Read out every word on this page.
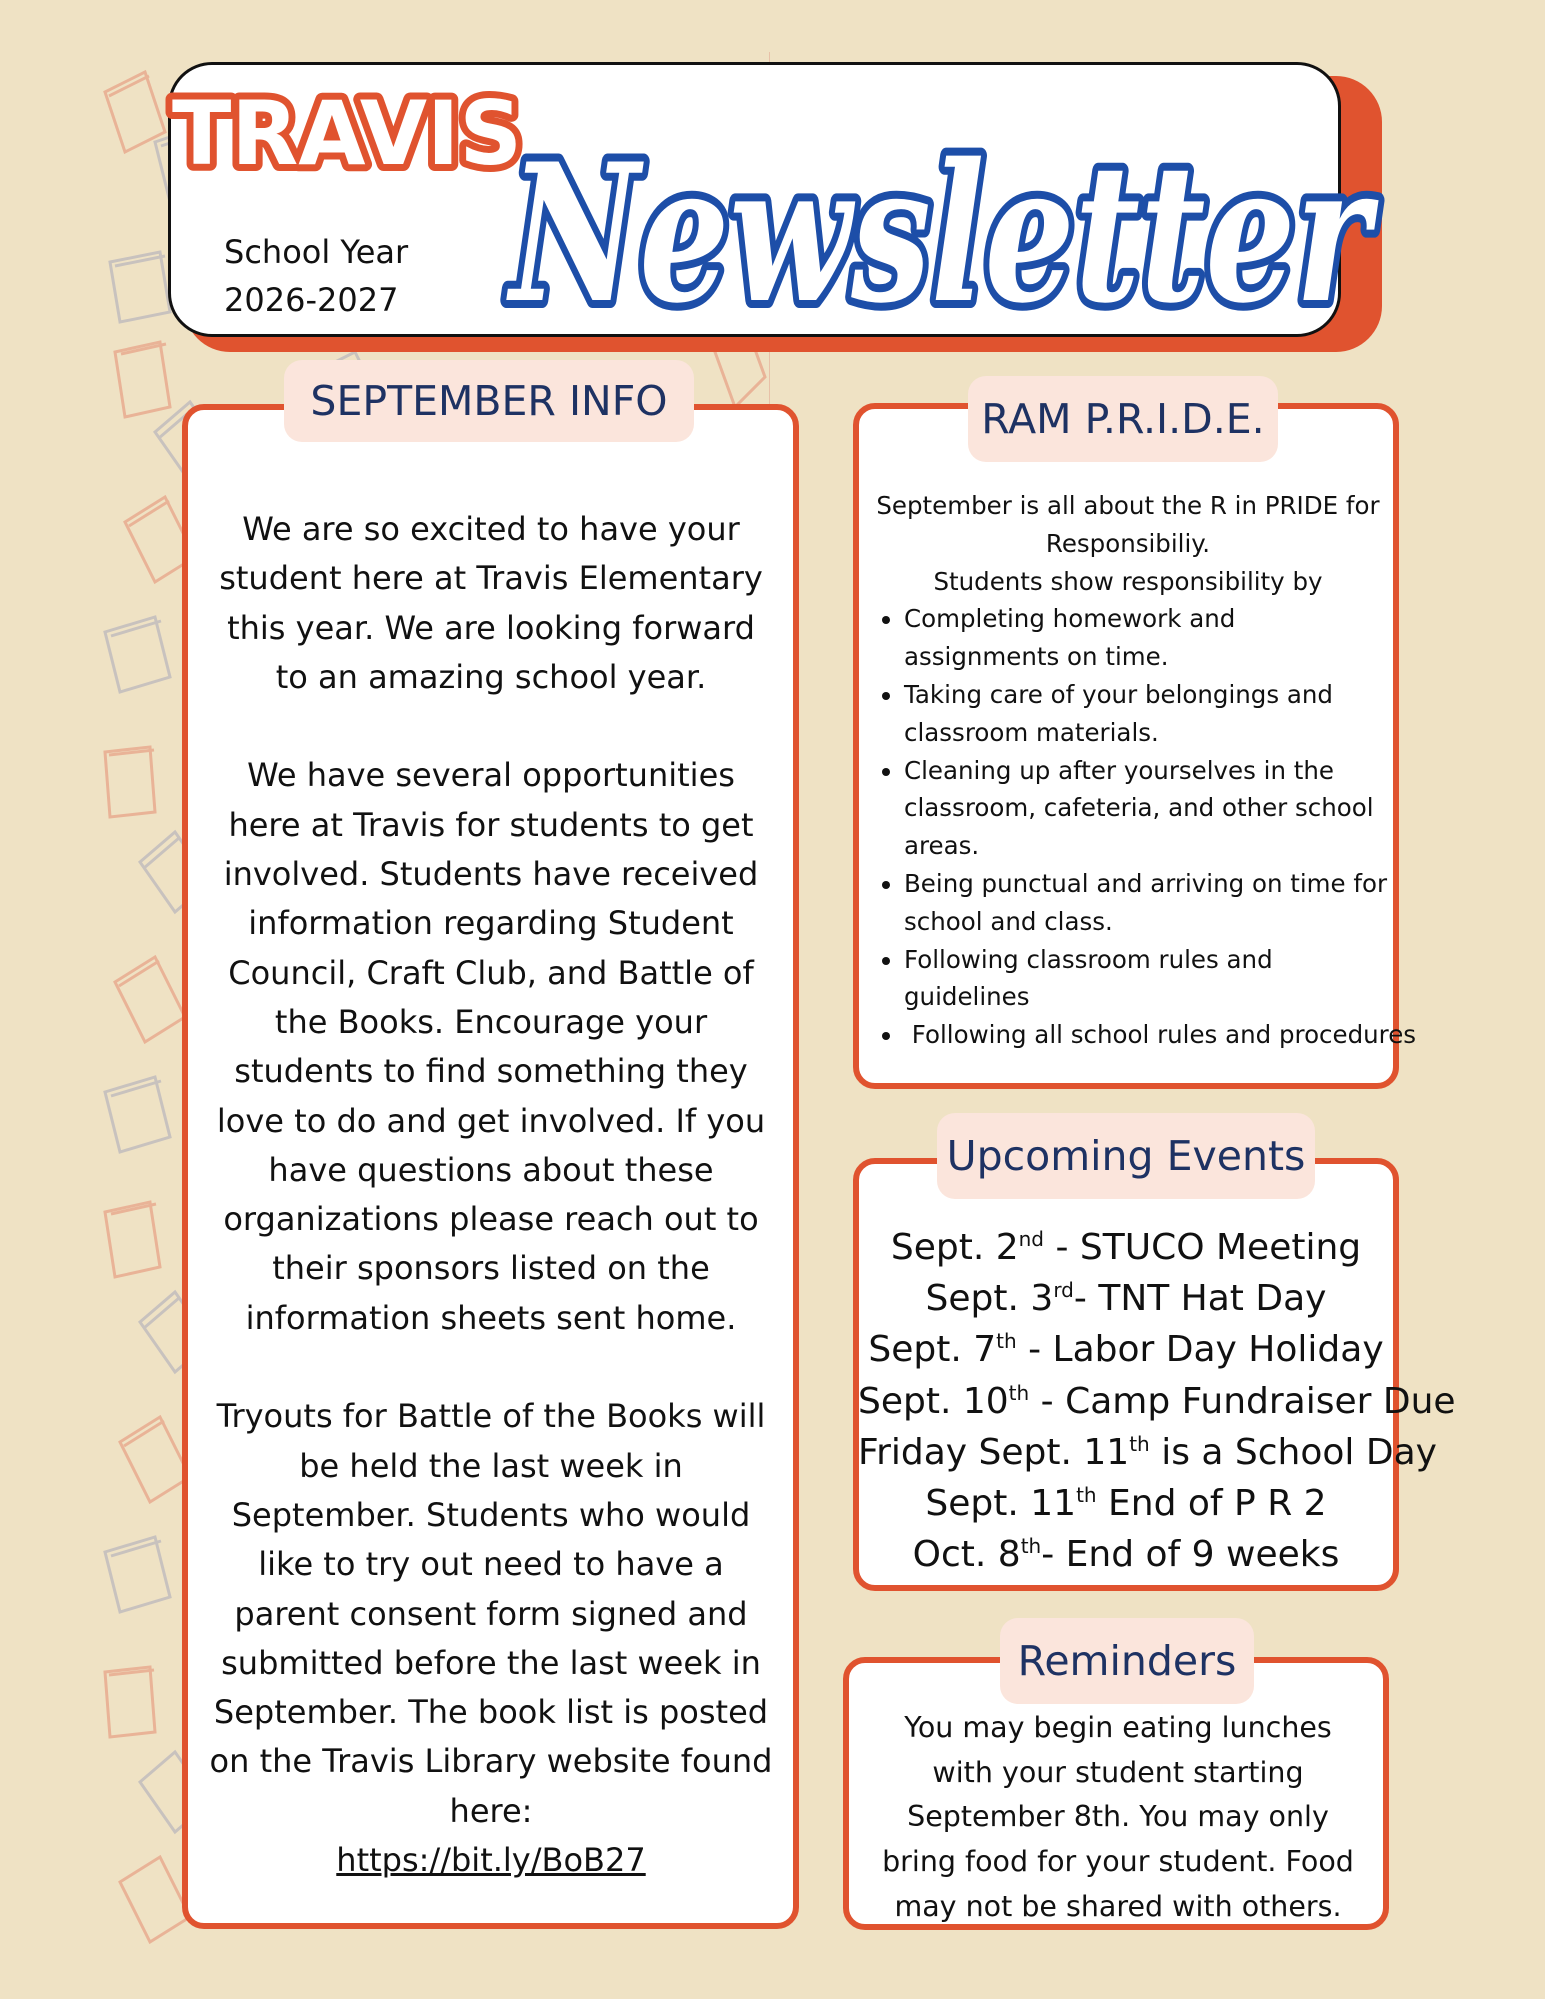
TRAVIS
Newsletter
School Year
2026-2027
SEPTEMBER INFO

We are so excited to have your student here at Travis Elementary this year. We are looking forward to an amazing school year.

We have several opportunities here at Travis for students to get involved. Students have received information regarding Student Council, Craft Club, and Battle of the Books. Encourage your students to find something they love to do and get involved. If you have questions about these organizations please reach out to their sponsors listed on the information sheets sent home.

Tryouts for Battle of the Books will be held the last week in September. Students who would like to try out need to have a parent consent form signed and submitted before the last week in September. The book list is posted on the Travis Library website found here:
https://bit.ly/BoB27

RAM P.R.I.D.E.
September is all about the R in PRIDE for Responsibiliy.
Students show responsibility by
• Completing homework and assignments on time.
• Taking care of your belongings and classroom materials.
• Cleaning up after yourselves in the classroom, cafeteria, and other school areas.
• Being punctual and arriving on time for school and class.
• Following classroom rules and guidelines
•  Following all school rules and procedures
Upcoming Events
Sept. 2nd - STUCO Meeting
Sept. 3rd- TNT Hat Day
Sept. 7th - Labor Day Holiday
Sept. 10th - Camp Fundraiser Due
Friday Sept. 11th is a School Day
Sept. 11th End of P R 2
Oct. 8th- End of 9 weeks
Reminders

You may begin eating lunches with your student starting September 8th. You may only bring food for your student. Food may not be shared with others.
